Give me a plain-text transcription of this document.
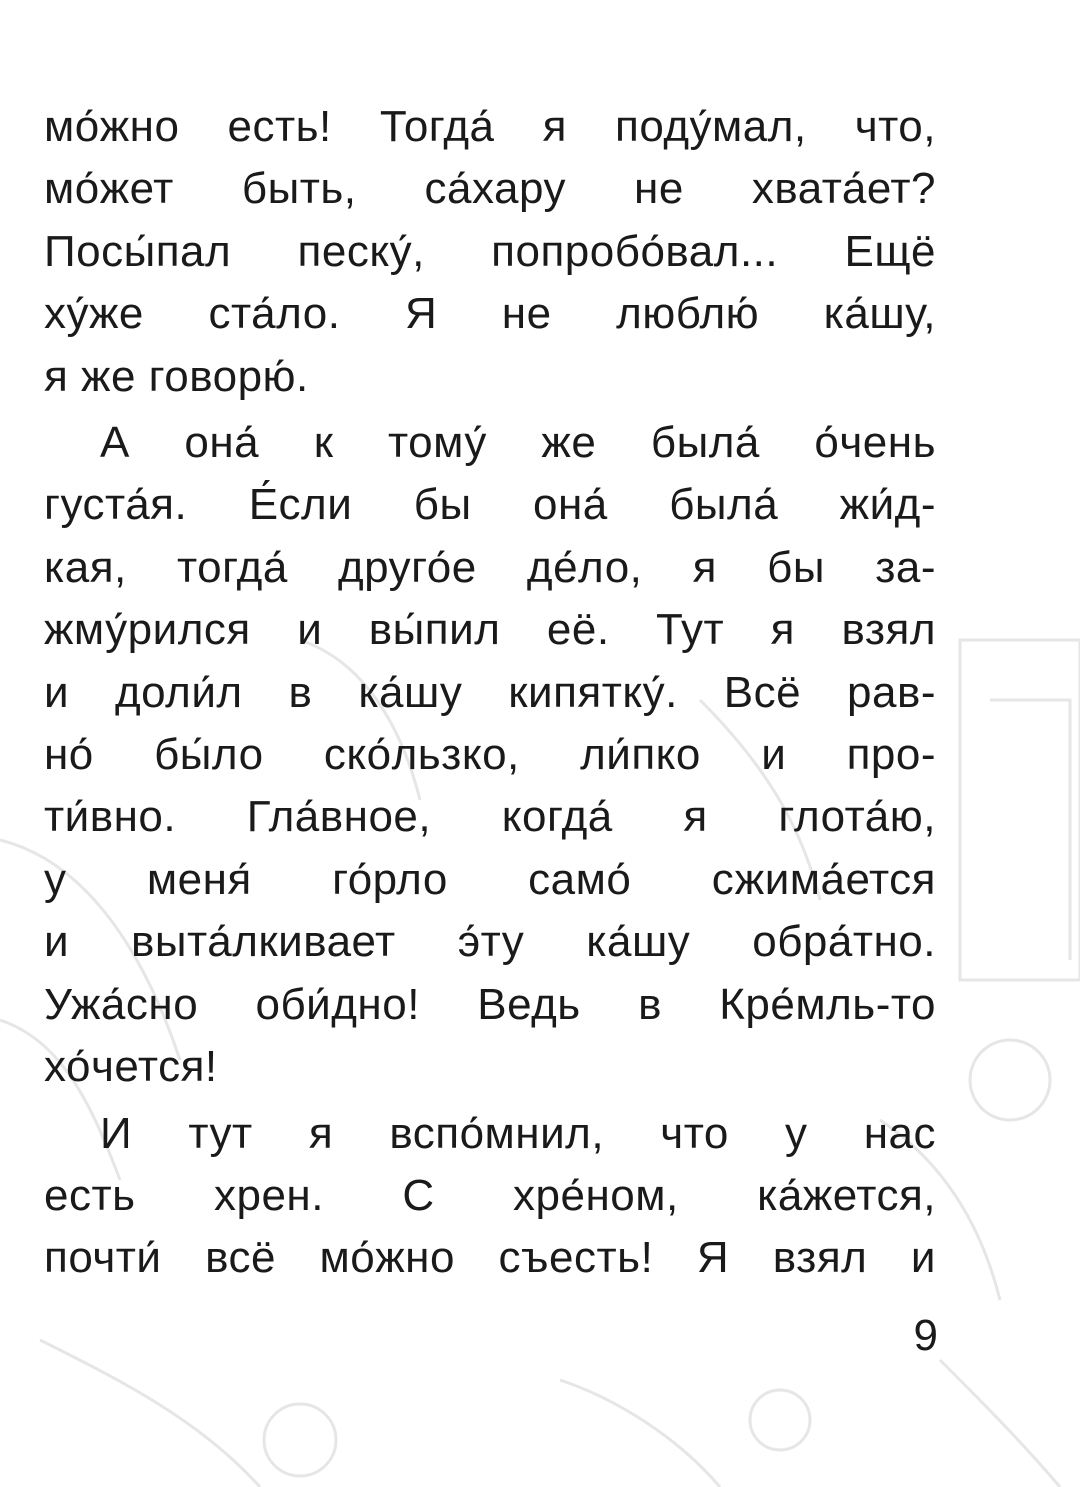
мо́жно есть! Тогда́ я поду́мал, что,
мо́жет быть, са́хару не хвата́ет?
Посы́пал песку́, попробо́вал... Ещё
ху́же ста́ло. Я не люблю́ ка́шу,
я же говорю́.

А она́ к тому́ же была́ о́чень
густа́я. Е́сли бы она́ была́ жи́д-
кая, тогда́ друго́е де́ло, я бы за-
жму́рился и вы́пил её. Тут я взял
и доли́л в ка́шу кипятку́. Всё рав-
но́ бы́ло ско́льзко, ли́пко и про-
ти́вно. Гла́вное, когда́ я глота́ю,
у меня́ го́рло само́ сжима́ется
и выта́лкивает э́ту ка́шу обра́тно.
Ужа́сно оби́дно! Ведь в Кре́мль-то
хо́чется!

И тут я вспо́мнил, что у нас
есть хрен. С хре́ном, ка́жется,
почти́ всё мо́жно съесть! Я взял и

9
